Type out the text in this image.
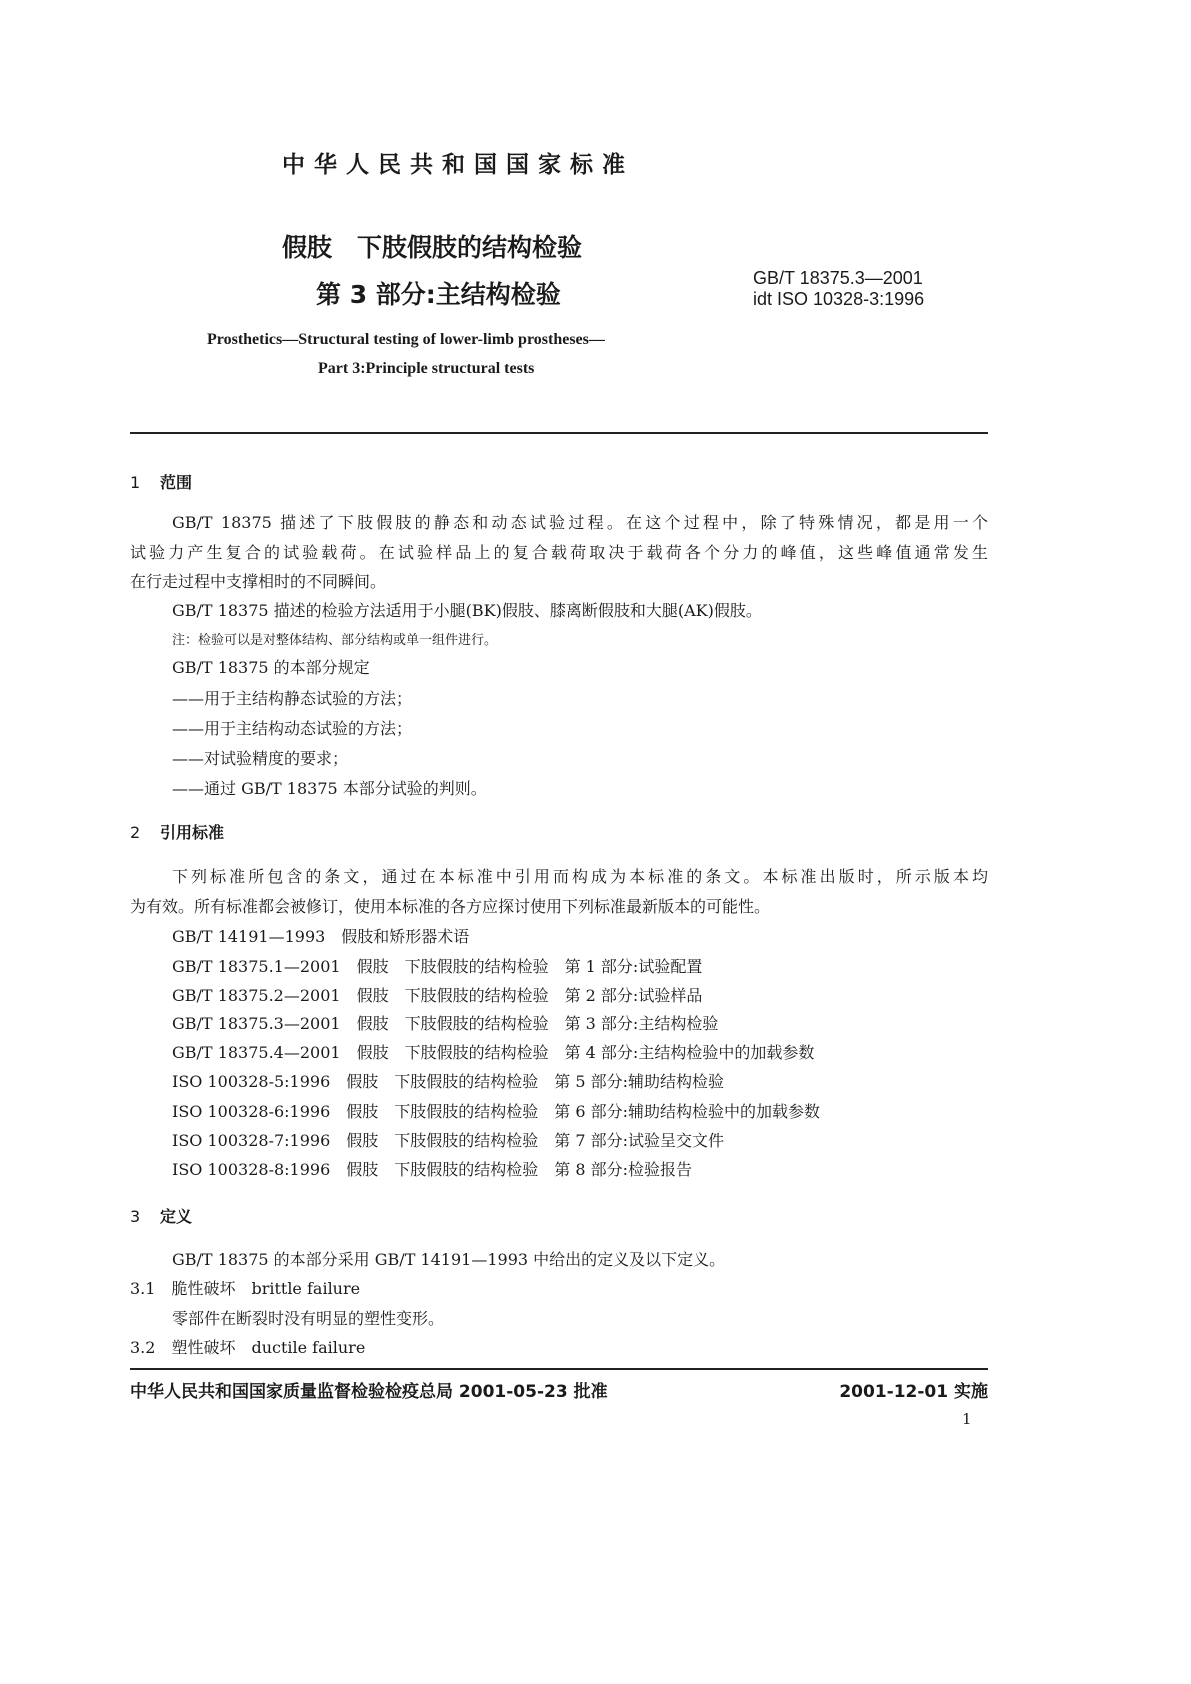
中华人民共和国国家标准
假肢　下肢假肢的结构检验
第 3 部分:主结构检验
GB/T 18375.3—2001
idt ISO 10328-3:1996
Prosthetics—Structural testing of lower-limb prostheses—
Part 3:Principle structural tests
1 范围
GB/T 18375 描述了下肢假肢的静态和动态试验过程。在这个过程中，除了特殊情况，都是用一个
试验力产生复合的试验载荷。在试验样品上的复合载荷取决于载荷各个分力的峰值，这些峰值通常发生
在行走过程中支撑相时的不同瞬间。
GB/T 18375 描述的检验方法适用于小腿(BK)假肢、膝离断假肢和大腿(AK)假肢。
注：检验可以是对整体结构、部分结构或单一组件进行。
GB/T 18375 的本部分规定
——用于主结构静态试验的方法；
——用于主结构动态试验的方法；
——对试验精度的要求；
——通过 GB/T 18375 本部分试验的判则。
2 引用标准
下列标准所包含的条文，通过在本标准中引用而构成为本标准的条文。本标准出版时，所示版本均
为有效。所有标准都会被修订，使用本标准的各方应探讨使用下列标准最新版本的可能性。
GB/T 14191—1993　假肢和矫形器术语
GB/T 18375.1—2001　假肢　下肢假肢的结构检验　第 1 部分:试验配置
GB/T 18375.2—2001　假肢　下肢假肢的结构检验　第 2 部分:试验样品
GB/T 18375.3—2001　假肢　下肢假肢的结构检验　第 3 部分:主结构检验
GB/T 18375.4—2001　假肢　下肢假肢的结构检验　第 4 部分:主结构检验中的加载参数
ISO 100328-5:1996　假肢　下肢假肢的结构检验　第 5 部分:辅助结构检验
ISO 100328-6:1996　假肢　下肢假肢的结构检验　第 6 部分:辅助结构检验中的加载参数
ISO 100328-7:1996　假肢　下肢假肢的结构检验　第 7 部分:试验呈交文件
ISO 100328-8:1996　假肢　下肢假肢的结构检验　第 8 部分:检验报告
3 定义
GB/T 18375 的本部分采用 GB/T 14191—1993 中给出的定义及以下定义。
3.1　脆性破坏　brittle failure
零部件在断裂时没有明显的塑性变形。
3.2　塑性破坏　ductile failure
中华人民共和国国家质量监督检验检疫总局 2001-05-23 批准	2001-12-01 实施
1
